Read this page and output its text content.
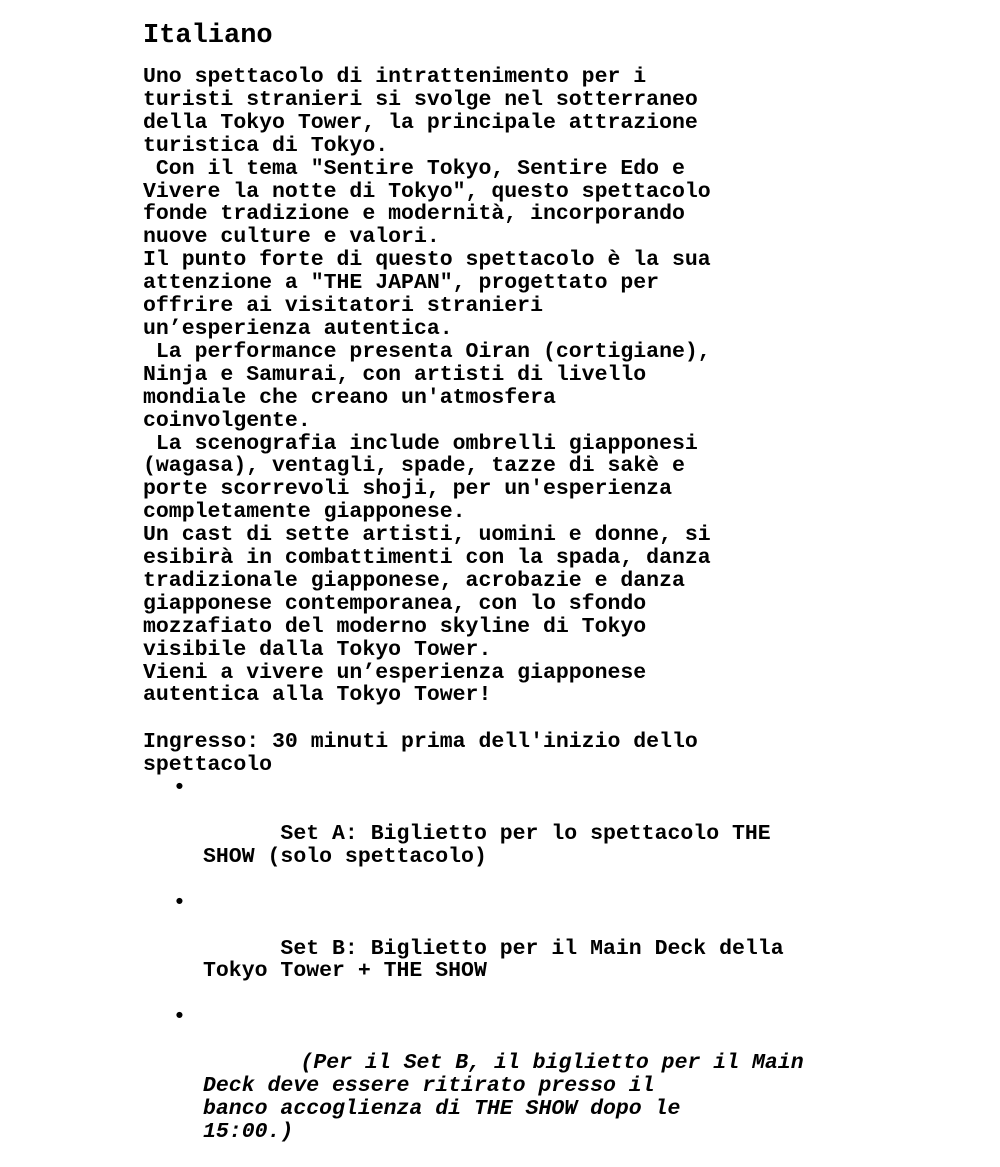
Italiano

Uno spettacolo di intrattenimento per i
turisti stranieri si svolge nel sotterraneo
della Tokyo Tower, la principale attrazione
turistica di Tokyo.

Con il tema "Sentire Tokyo, Sentire Edo e
Vivere la notte di Tokyo", questo spettacolo
fonde tradizione e modernità, incorporando
nuove culture e valori.

Il punto forte di questo spettacolo è la sua
attenzione a "THE JAPAN", progettato per
offrire ai visitatori stranieri
un’esperienza autentica.

La performance presenta Oiran (cortigiane),
Ninja e Samurai, con artisti di livello
mondiale che creano un'atmosfera
coinvolgente.

La scenografia include ombrelli giapponesi
(wagasa), ventagli, spade, tazze di sakè e
porte scorrevoli shoji, per un'esperienza
completamente giapponese.

Un cast di sette artisti, uomini e donne, si
esibirà in combattimenti con la spada, danza
tradizionale giapponese, acrobazie e danza
giapponese contemporanea, con lo sfondo
mozzafiato del moderno skyline di Tokyo
visibile dalla Tokyo Tower.

Vieni a vivere un’esperienza giapponese
autentica alla Tokyo Tower!

Ingresso: 30 minuti prima dell'inizio dello
spettacolo

•

Set A: Biglietto per lo spettacolo THE
SHOW (solo spettacolo)

•

Set B: Biglietto per il Main Deck della
Tokyo Tower + THE SHOW

•

(Per il Set B, il biglietto per il Main
Deck deve essere ritirato presso il
banco accoglienza di THE SHOW dopo le
15:00.)
